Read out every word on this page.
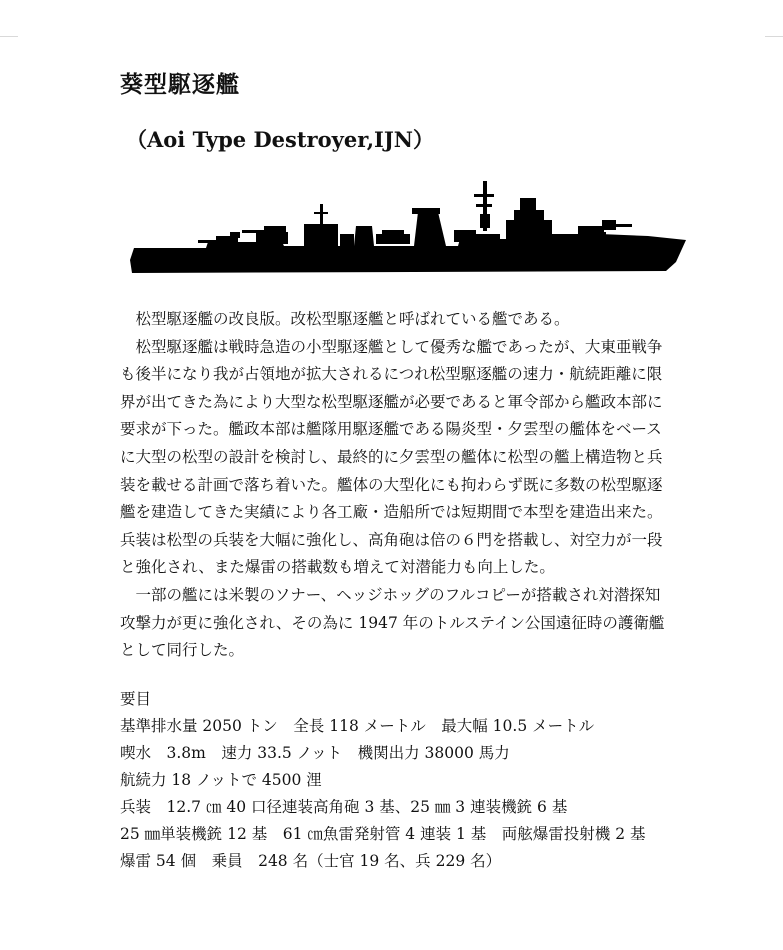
葵型駆逐艦
（Aoi Type Destroyer,IJN）

松型駆逐艦の改良版。改松型駆逐艦と呼ばれている艦である。

松型駆逐艦は戦時急造の小型駆逐艦として優秀な艦であったが、大東亜戦争も後半になり我が占領地が拡大されるにつれ松型駆逐艦の速力・航続距離に限界が出てきた為により大型な松型駆逐艦が必要であると軍令部から艦政本部に要求が下った。艦政本部は艦隊用駆逐艦である陽炎型・夕雲型の艦体をベースに大型の松型の設計を検討し、最終的に夕雲型の艦体に松型の艦上構造物と兵装を載せる計画で落ち着いた。艦体の大型化にも拘わらず既に多数の松型駆逐艦を建造してきた実績により各工廠・造船所では短期間で本型を建造出来た。兵装は松型の兵装を大幅に強化し、高角砲は倍の６門を搭載し、対空力が一段と強化され、また爆雷の搭載数も増えて対潜能力も向上した。

一部の艦には米製のソナー、ヘッジホッグのフルコピーが搭載され対潜探知攻撃力が更に強化され、その為に 1947 年のトルステイン公国遠征時の護衛艦として同行した。

要目
基準排水量 2050 トン　全長 118 メートル　最大幅 10.5 メートル
喫水　3.8m　速力 33.5 ノット　機関出力 38000 馬力
航続力 18 ノットで 4500 浬
兵装　12.7 ㎝ 40 口径連装高角砲 3 基、25 ㎜ 3 連装機銃 6 基
25 ㎜単装機銃 12 基　61 ㎝魚雷発射管 4 連装 1 基　両舷爆雷投射機 2 基
爆雷 54 個　乗員　248 名（士官 19 名、兵 229 名）
